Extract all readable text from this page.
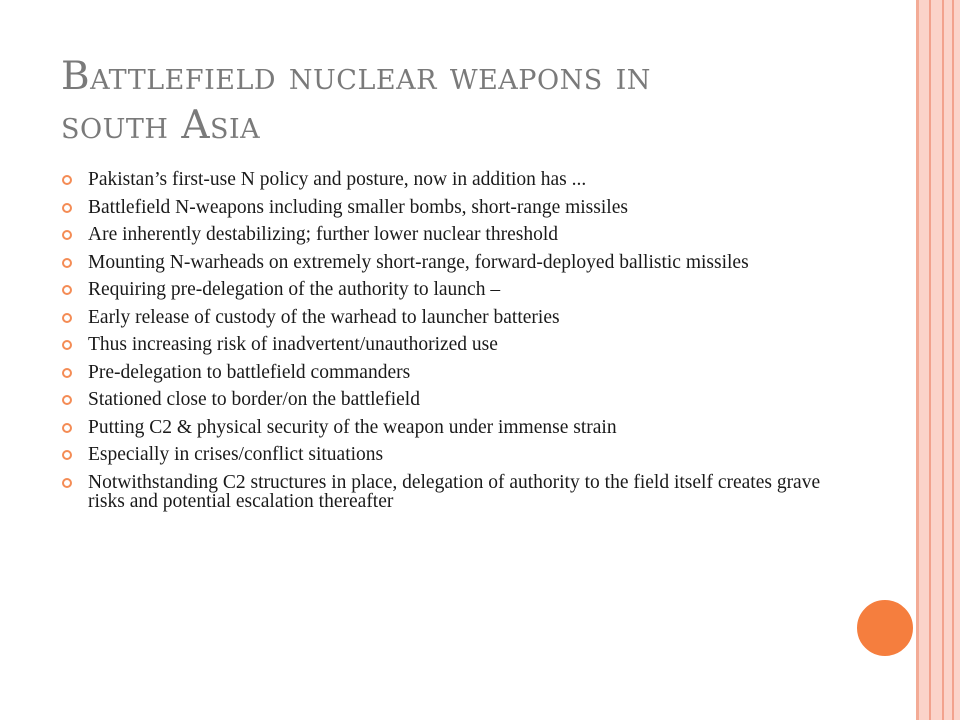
Battlefield nuclear weapons in
south Asia
Pakistan’s first-use N policy and posture, now in addition has ...
Battlefield N-weapons including smaller bombs, short-range missiles
Are inherently destabilizing; further lower nuclear threshold
Mounting N-warheads on extremely short-range, forward-deployed ballistic missiles
Requiring pre-delegation of the authority to launch –
Early release of custody of the warhead to launcher batteries
Thus increasing risk of inadvertent/unauthorized use
Pre-delegation to battlefield commanders
Stationed close to border/on the battlefield
Putting C2 & physical security of the weapon under immense strain
Especially in crises/conflict situations
Notwithstanding C2 structures in place, delegation of authority to the field itself creates grave risks and potential escalation thereafter
